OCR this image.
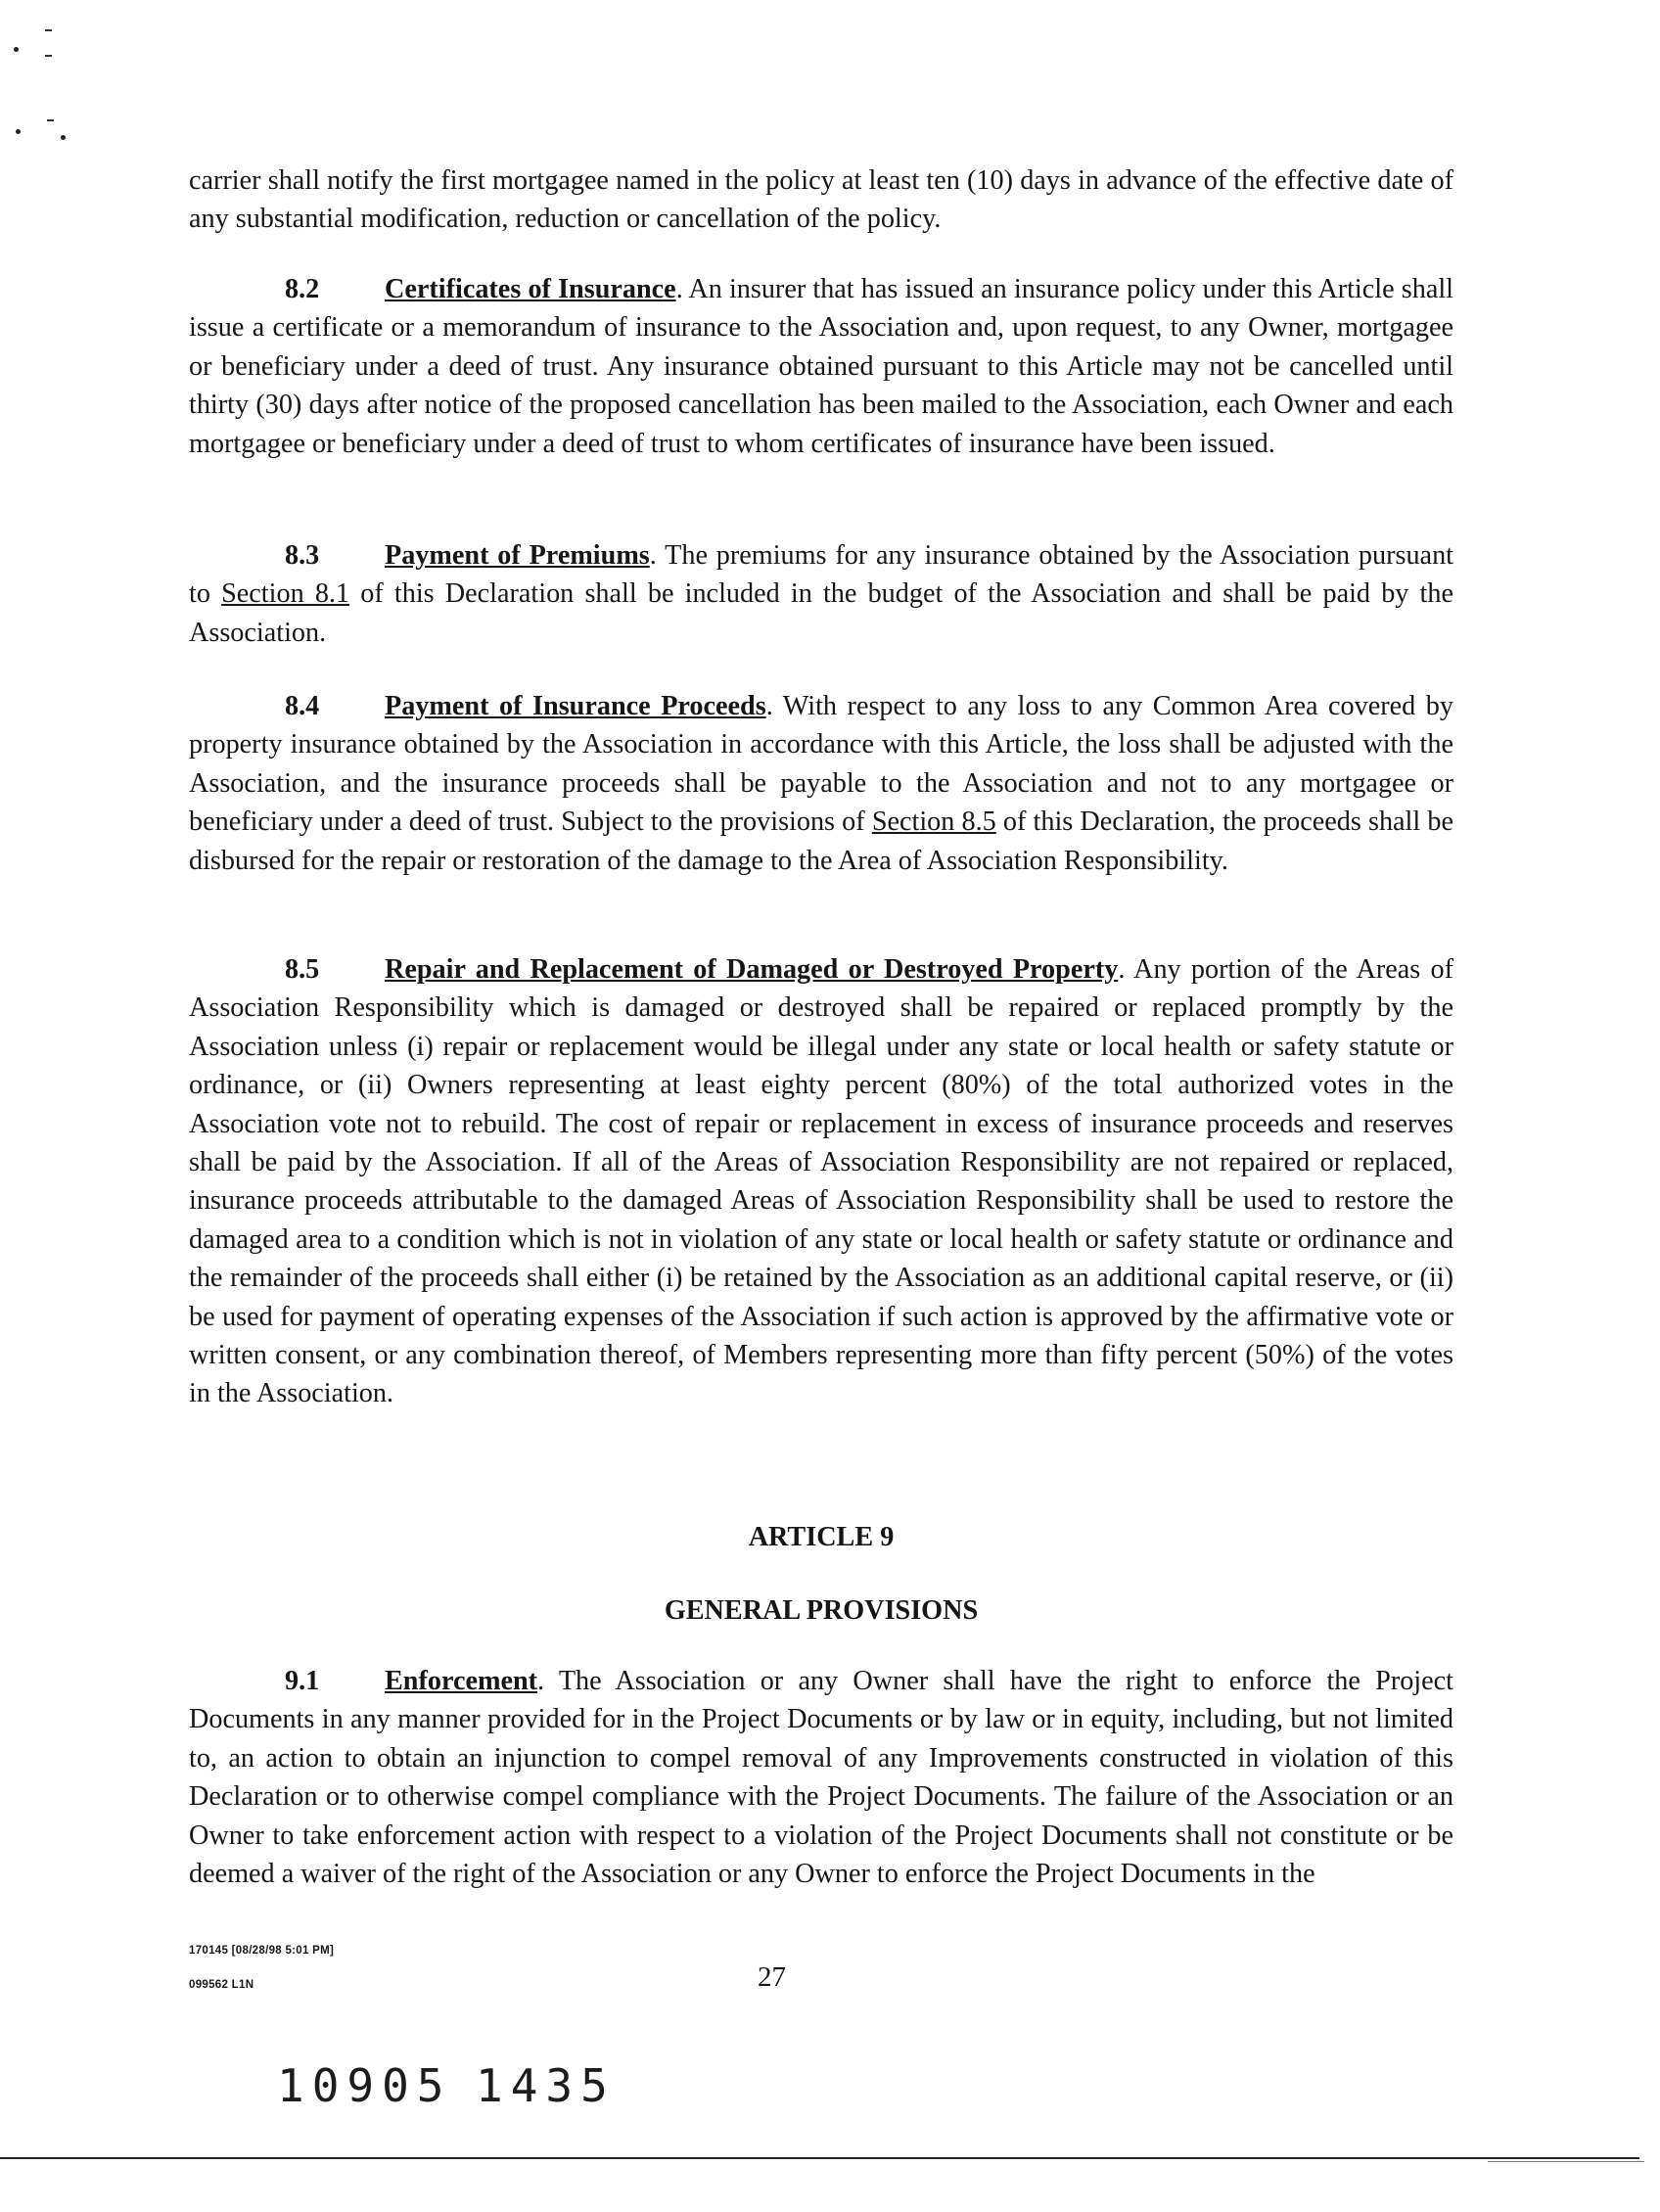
carrier shall notify the first mortgagee named in the policy at least ten (10) days in advance of the effective date of any substantial modification, reduction or cancellation of the policy.

8.2 Certificates of Insurance. An insurer that has issued an insurance policy under this Article shall issue a certificate or a memorandum of insurance to the Association and, upon request, to any Owner, mortgagee or beneficiary under a deed of trust. Any insurance obtained pursuant to this Article may not be cancelled until thirty (30) days after notice of the proposed cancellation has been mailed to the Association, each Owner and each mortgagee or beneficiary under a deed of trust to whom certificates of insurance have been issued.

8.3 Payment of Premiums. The premiums for any insurance obtained by the Association pursuant to Section 8.1 of this Declaration shall be included in the budget of the Association and shall be paid by the Association.

8.4 Payment of Insurance Proceeds. With respect to any loss to any Common Area covered by property insurance obtained by the Association in accordance with this Article, the loss shall be adjusted with the Association, and the insurance proceeds shall be payable to the Association and not to any mortgagee or beneficiary under a deed of trust. Subject to the provisions of Section 8.5 of this Declaration, the proceeds shall be disbursed for the repair or restoration of the damage to the Area of Association Responsibility.

8.5 Repair and Replacement of Damaged or Destroyed Property. Any portion of the Areas of Association Responsibility which is damaged or destroyed shall be repaired or replaced promptly by the Association unless (i) repair or replacement would be illegal under any state or local health or safety statute or ordinance, or (ii) Owners representing at least eighty percent (80%) of the total authorized votes in the Association vote not to rebuild. The cost of repair or replacement in excess of insurance proceeds and reserves shall be paid by the Association. If all of the Areas of Association Responsibility are not repaired or replaced, insurance proceeds attributable to the damaged Areas of Association Responsibility shall be used to restore the damaged area to a condition which is not in violation of any state or local health or safety statute or ordinance and the remainder of the proceeds shall either (i) be retained by the Association as an additional capital reserve, or (ii) be used for payment of operating expenses of the Association if such action is approved by the affirmative vote or written consent, or any combination thereof, of Members representing more than fifty percent (50%) of the votes in the Association.

ARTICLE 9
GENERAL PROVISIONS

9.1 Enforcement. The Association or any Owner shall have the right to enforce the Project Documents in any manner provided for in the Project Documents or by law or in equity, including, but not limited to, an action to obtain an injunction to compel removal of any Improvements constructed in violation of this Declaration or to otherwise compel compliance with the Project Documents. The failure of the Association or an Owner to take enforcement action with respect to a violation of the Project Documents shall not constitute or be deemed a waiver of the right of the Association or any Owner to enforce the Project Documents in the

170145 [08/28/98 5:01 PM]
099562 L1N	27
10905 1435
